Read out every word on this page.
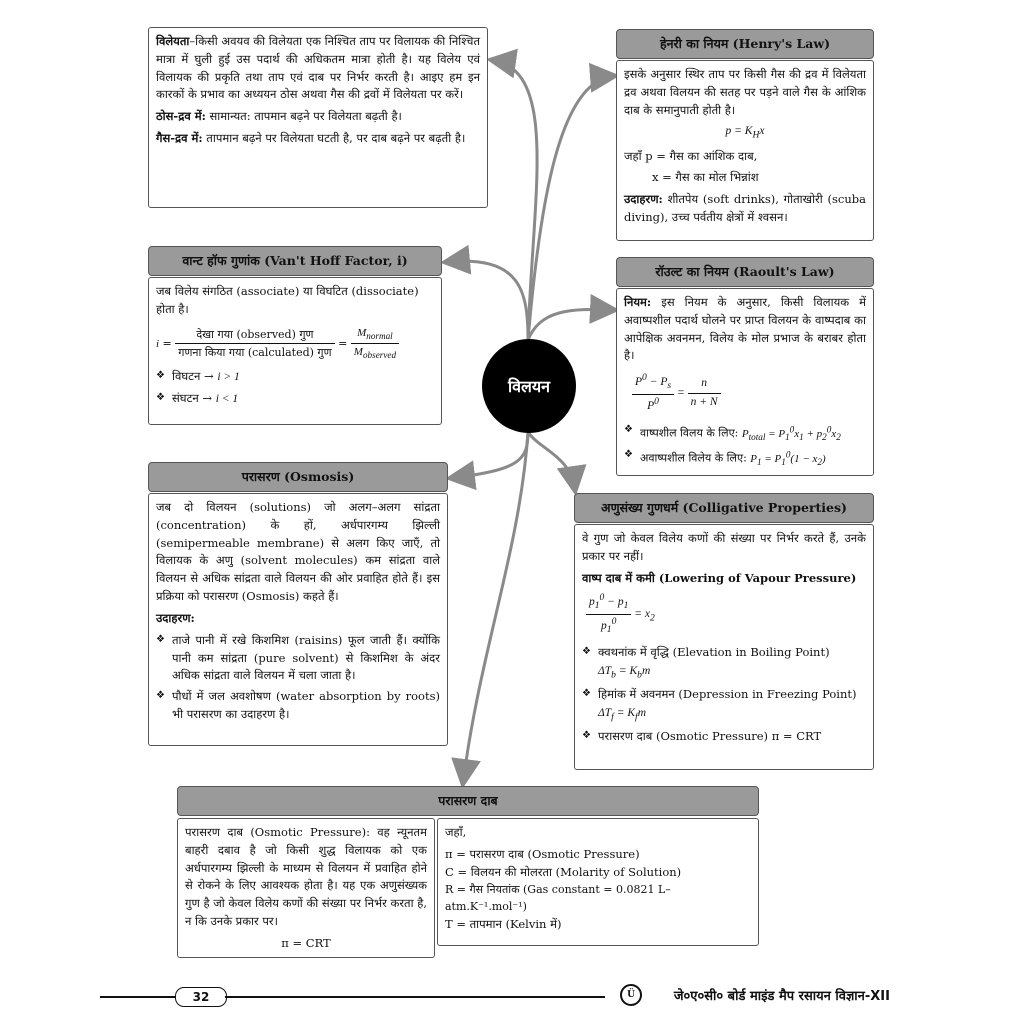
विलयन

विलेयता–किसी अवयव की विलेयता एक निश्चित ताप पर विलायक की निश्चित मात्रा में घुली हुई उस पदार्थ की अधिकतम मात्रा होती है। यह विलेय एवं विलायक की प्रकृति तथा ताप एवं दाब पर निर्भर करती है। आइए हम इन कारकों के प्रभाव का अध्ययन ठोस अथवा गैस की द्रवों में विलेयता पर करें।

ठोस-द्रव में: सामान्यत: तापमान बढ़ने पर विलेयता बढ़ती है।

गैस-द्रव में: तापमान बढ़ने पर विलेयता घटती है, पर दाब बढ़ने पर बढ़ती है।

हेनरी का नियम (Henry's Law)

इसके अनुसार स्थिर ताप पर किसी गैस की द्रव में विलेयता द्रव अथवा विलयन की सतह पर पड़ने वाले गैस के आंशिक दाब के समानुपाती होती है।

$p = K_Hx$

जहाँ p = गैस का आंशिक दाब,

x = गैस का मोल भिन्नांश

उदाहरण: शीतपेय (soft drinks), गोताखोरी (scuba diving), उच्च पर्वतीय क्षेत्रों में श्वसन।

वान्ट हॉफ गुणांक (Van't Hoff Factor, i)

जब विलेय संगठित (associate) या विघटित (dissociate) होता है।

$i = \frac{\text{देखा गया (observed) गुण}}{\text{गणना किया गया (calculated) गुण}} = \frac{M_{normal}}{M_{observed}}$
❖ विघटन → i > 1
❖ संघटन → i < 1
रॉउल्ट का नियम (Raoult's Law)

नियम: इस नियम के अनुसार, किसी विलायक में अवाष्पशील पदार्थ घोलने पर प्राप्त विलयन के वाष्पदाब का आपेक्षिक अवनमन, विलेय के मोल प्रभाज के बराबर होता है।

$\frac{P^0 - P_s}{P^0} = \frac{n}{n + N}$
❖ वाष्पशील विलय के लिए: $P_{total} = P_1^0x_1 + p_2^0x_2$
❖ अवाष्पशील विलेय के लिए: $P_1 = P_1^0(1 - x_2)$
परासरण (Osmosis)

जब दो विलयन (solutions) जो अलग–अलग सांद्रता (concentration) के हों, अर्धपारगम्य झिल्ली (semipermeable membrane) से अलग किए जाएँ, तो विलायक के अणु (solvent molecules) कम सांद्रता वाले विलयन से अधिक सांद्रता वाले विलयन की ओर प्रवाहित होते हैं। इस प्रक्रिया को परासरण (Osmosis) कहते हैं।

उदाहरण:

❖ ताजे पानी में रखे किशमिश (raisins) फूल जाती हैं। क्योंकि पानी कम सांद्रता (pure solvent) से किशमिश के अंदर अधिक सांद्रता वाले विलयन में चला जाता है।
❖ पौधों में जल अवशोषण (water absorption by roots) भी परासरण का उदाहरण है।
अणुसंख्य गुणधर्म (Colligative Properties)

वे गुण जो केवल विलेय कणों की संख्या पर निर्भर करते हैं, उनके प्रकार पर नहीं।

वाष्प दाब में कमी (Lowering of Vapour Pressure)

$\frac{p_1^0 - p_1}{p_1^0} = x_2$
❖ क्वथनांक में वृद्धि (Elevation in Boiling Point)
$\Delta T_b = K_bm$
❖ हिमांक में अवनमन (Depression in Freezing Point)
$\Delta T_f = K_fm$
❖ परासरण दाब (Osmotic Pressure) π = CRT
परासरण दाब

परासरण दाब (Osmotic Pressure): वह न्यूनतम बाहरी दबाव है जो किसी शुद्ध विलायक को एक अर्धपारगम्य झिल्ली के माध्यम से विलयन में प्रवाहित होने से रोकने के लिए आवश्यक होता है। यह एक अणुसंख्यक गुण है जो केवल विलेय कणों की संख्या पर निर्भर करता है, न कि उनके प्रकार पर।

π = CRT

जहाँ,

π = परासरण दाब (Osmotic Pressure)

C = विलयन की मोलरता (Molarity of Solution)

R = गैस नियतांक (Gas constant = 0.0821 L– atm.K⁻¹.mol⁻¹)

T = तापमान (Kelvin में)

32	Ü	जे०ए०सी० बोर्ड माइंड मैप रसायन विज्ञान-XII
